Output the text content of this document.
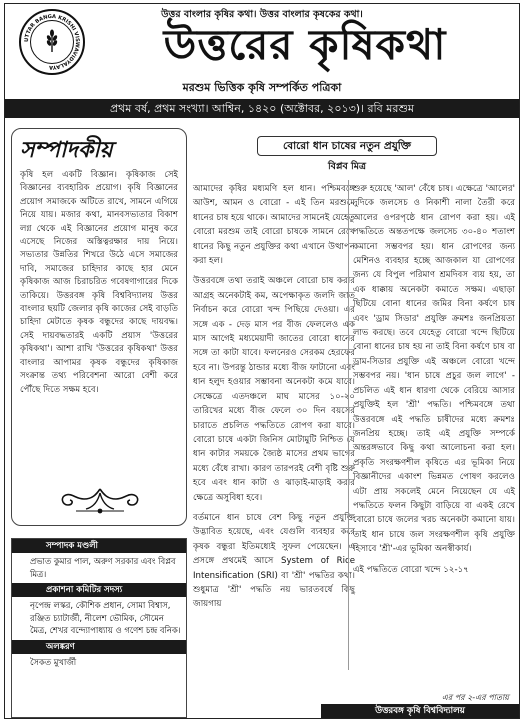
UTTAR BANGA KRISHI VISWAVIDYALAYA
উত্তর বাংলার কৃষির কথা। উত্তর বাংলার কৃষকের কথা।
উত্তরের কৃষিকথা
মরশুম ভিত্তিক কৃষি সম্পর্কিত পত্রিকা
প্রথম বর্ষ, প্রথম সংখ্যা। আশ্বিন, ১৪২০ (অক্টোবর, ২০১৩)। রবি মরশুম
সম্পাদকীয়
কৃষি হল একটি বিজ্ঞান। কৃষিকাজ সেই বিজ্ঞানের ব্যবহারিক প্রয়োগ। কৃষি বিজ্ঞানের প্রয়োগ সমাজকে অটিতে রাখে, সামনে এগিয়ে নিয়ে যায়। মজার কথা, মানবসভ্যতার বিকাশ লগ্ন থেকে এই বিজ্ঞানের প্রয়োগ মানুষ করে এসেছে নিজের অস্তিত্বরক্ষার দায় নিয়ে। সভ্যতার উন্নতির শিখরে উঠে এসে সমাজের দাবি, সমাজের চাহিদার কাছে হার মেনে কৃষিকাজ আজ চিরাচরিত গবেষণাগারের দিকে তাকিয়ে। উত্তরবঙ্গ কৃষি বিশ্ববিদ্যালয় উত্তর বাংলার ছয়টি জেলার কৃষি কাজের সেই বাড়তি চাহিদা মেটাতে কৃষক বন্ধুদের কাছে দায়বদ্ধ। সেই দায়বদ্ধতারই একটি প্রয়াস 'উত্তরের কৃষিকথা'। আশা রাখি 'উত্তরের কৃষিকথা' উত্তর বাংলার আপামর কৃষক বন্ধুদের কৃষিকাজ সংক্রান্ত তথ্য পরিবেশনা আরো বেশী করে পৌঁছে দিতে সক্ষম হবে।
সম্পাদক মণ্ডলী
প্রভাত কুমার পাল, অরুণ সরকার এবং বিপ্লব মিত্র।
প্রকাশনা কমিটির সদস্য
নৃপেন্দ্র লস্কর, কৌশিক প্রধান, সোমা বিশ্বাস, রঞ্জিত চ্যাটার্জী, নীলেশ ভৌমিক, সৌমেন মৈত্র, শেখর বন্দ্যোপাধ্যায় ও গণেশ চন্দ্র বনিক।
অলঙ্করণ
সৈকত মুখার্জী
বোরো ধান চাষের নতুন প্রযুক্তি
বিপ্লব মিত্র

আমাদের কৃষির মধ্যমণি হল ধান। পশ্চিমবঙ্গে আউশ, আমন ও বোরো - এই তিন মরশুমে ধানের চাষ হয়ে থাকে। আমাদের সামনেই যেহেতু বোরো মরশুম তাই বোরো চাষকে সামনে রেখে ধানের কিছু নতুন প্রযুক্তির কথা এখানে উত্থাপন করা হল।

উত্তরবঙ্গে তথা তরাই অঞ্চলে বোরো চাষ করার আগ্রহ অনেকটাই কম, অপেক্ষাকৃত জলদি জাত নির্বাচন করে বোরো খন্দ পিছিয়ে দেওয়া। এর সঙ্গে এক - দেড় মাস পর বীজ ফেললেও এক মাস আগেই মধ্যমেয়াদী জাতের বোরো ধানের সঙ্গে তা কাটা যাবে। ফলনেরও সেরকম হেরফের হবে না। উপরন্তু ঠান্ডার মধ্যে বীজ ফাটানো এবং ধান হলুদ হওয়ার সম্ভাবনা অনেকটা কমে যাবে। সেক্ষেত্রে এতদঞ্চলে মাঘ মাসের ১০-২০ তারিখের মধ্যে বীজ ফেলে ৩০ দিন বয়সের চারাতে প্রচলিত পদ্ধতিতে রোপণ করা যাবে। বোরো চাষে একটা জিনিস মোটামুটি নিশ্চিত যে ধান কাটার সময়কে জ্যৈষ্ঠ মাসের প্রথম ভাগের মধ্যে বেঁধে রাখা। কারণ তারপরই বেশী বৃষ্টি শুরু হবে এবং ধান কাটা ও ঝাড়াই-মাড়াই করার ক্ষেত্রে অসুবিধা হবে।

বর্তমানে ধান চাষে বেশ কিছু নতুন প্রযুক্তি উদ্ভাবিত হয়েছে, এবং যেগুলি ব্যবহার করে কৃষক বন্ধুরা ইতিমধ্যেই সুফল পেয়েছেন। এ প্রসঙ্গে প্রথমেই আসে System of Rice Intensification (SRI) বা 'শ্রী' পদ্ধতির কথা। শুধুমাত্র 'শ্রী' পদ্ধতি নয় ভারতবর্ষে কিছু জায়গায়

শুরু হয়েছে 'আল' বেঁধে চাষ। এক্ষেত্রে 'আলের' দুদিকে জলসেচ ও নিকাশী নালা তৈরী করে আলের ওপরপৃষ্ঠে ধান রোপণ করা হয়। এই পদ্ধতিতে অন্ততপক্ষে জলসেচ ৩০-৪০ শতাংশ কমানো সম্ভবপর হয়। ধান রোপণের জন্য মেশিনও ব্যবহার হচ্ছে আজকাল যা রোপণের জন্য যে বিপুল পরিমাণ শ্রমদিবস ব্যয় হয়, তা এক ধাক্কায় অনেকটা কমাতে সক্ষম। এছাড়া ছিটিয়ে বোনা ধানের জমির বিনা কর্ষণে চাষ এবং 'ড্রাম সিডার' প্রযুক্তি ক্রমশঃ জনপ্রিয়তা লাভ করছে। তবে যেহেতু বোরো খন্দে ছিটিয়ে বোনা ধানের চাষ হয় না তাই বিনা কর্ষণে চাষ বা ড্রাম-সিডার প্রযুক্তি এই অঞ্চলে বোরো খন্দে সম্ভবপর নয়। 'ধান চাষে প্রচুর জল লাগে' - প্রচলিত এই ধান ধারণা থেকে বেরিয়ে আসার প্রযুক্তিই হল 'শ্রী' পদ্ধতি। পশ্চিমবঙ্গে তথা উত্তরবঙ্গে এই পদ্ধতি চাষীদের মধ্যে ক্রমশঃ জনপ্রিয় হচ্ছে। তাই এই প্রযুক্তি সম্পর্কে অন্তরঙ্গভাবে কিছু কথা আলোচনা করা হল। প্রকৃতি সংরক্ষণশীল কৃষিতে এর ভূমিকা নিয়ে বিজ্ঞানীদের একাংশ ভিন্নমত পোষণ করলেও এটা প্রায় সকলেই মেনে নিয়েছেন যে এই পদ্ধতিতে ফলন কিছুটা বাড়িয়ে বা একই রেখে বোরো চাষে জলের খরচ অনেকটা কমানো যায়। তাই ধান চাষে জল সংরক্ষণশীল কৃষি প্রযুক্তি হিসাবে 'শ্রী'-এর ভূমিকা অনস্বীকার্য।

এই পদ্ধতিতে বোরো খন্দে ১২-১৭

এর পর ২-এর পাতায়
উত্তরবঙ্গ কৃষি বিশ্ববিদ্যালয়
